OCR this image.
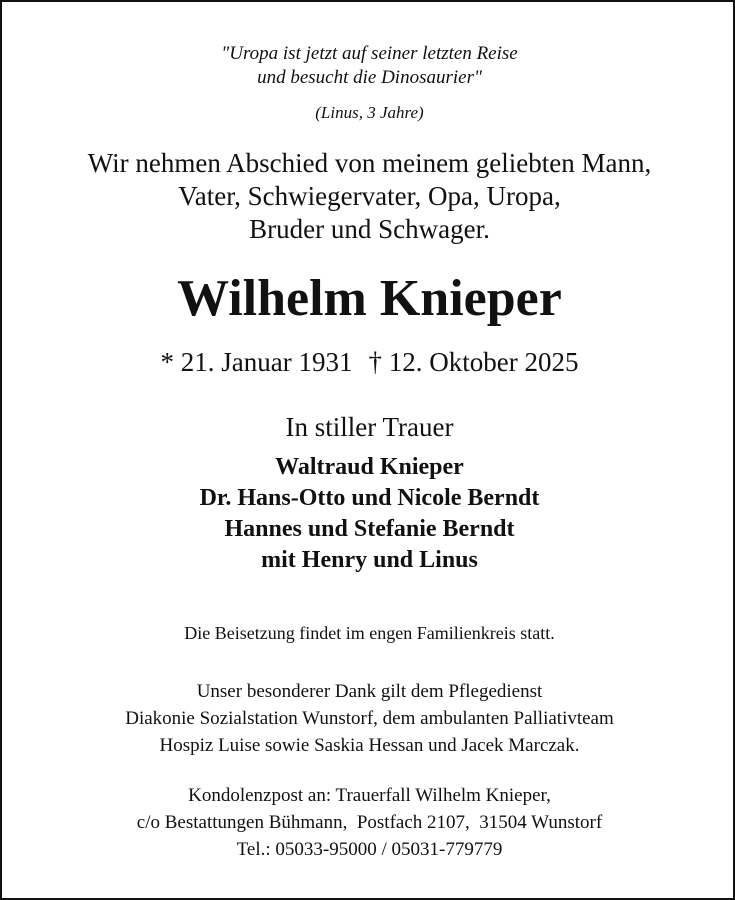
"Uropa ist jetzt auf seiner letzten Reise
und besucht die Dinosaurier"
(Linus, 3 Jahre)
Wir nehmen Abschied von meinem geliebten Mann,
Vater, Schwiegervater, Opa, Uropa,
Bruder und Schwager.
Wilhelm Knieper
* 21. Januar 1931 † 12. Oktober 2025
In stiller Trauer
Waltraud Knieper
Dr. Hans-Otto und Nicole Berndt
Hannes und Stefanie Berndt
mit Henry und Linus
Die Beisetzung findet im engen Familienkreis statt.
Unser besonderer Dank gilt dem Pflegedienst
Diakonie Sozialstation Wunstorf, dem ambulanten Palliativteam
Hospiz Luise sowie Saskia Hessan und Jacek Marczak.
Kondolenzpost an: Trauerfall Wilhelm Knieper,
c/o Bestattungen Bühmann,  Postfach 2107,  31504 Wunstorf
Tel.: 05033-95000 / 05031-779779
